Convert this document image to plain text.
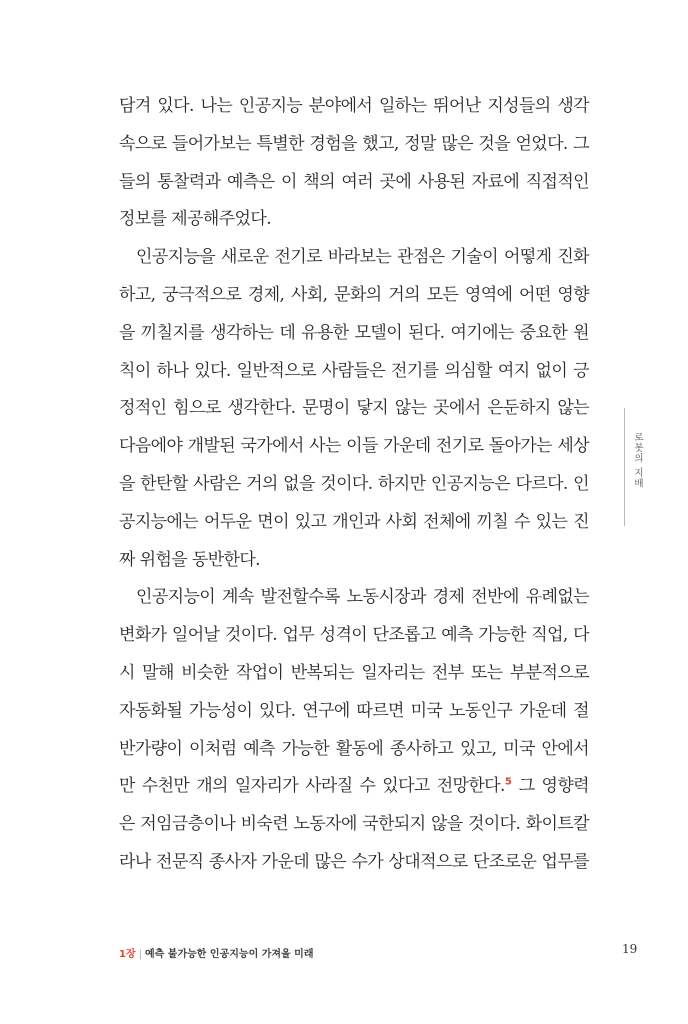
담겨 있다. 나는 인공지능 분야에서 일하는 뛰어난 지성들의 생각
속으로 들어가보는 특별한 경험을 했고, 정말 많은 것을 얻었다. 그
들의 통찰력과 예측은 이 책의 여러 곳에 사용된 자료에 직접적인
정보를 제공해주었다.
인공지능을 새로운 전기로 바라보는 관점은 기술이 어떻게 진화
하고, 궁극적으로 경제, 사회, 문화의 거의 모든 영역에 어떤 영향
을 끼칠지를 생각하는 데 유용한 모델이 된다. 여기에는 중요한 원
칙이 하나 있다. 일반적으로 사람들은 전기를 의심할 여지 없이 긍
정적인 힘으로 생각한다. 문명이 닿지 않는 곳에서 은둔하지 않는
다음에야 개발된 국가에서 사는 이들 가운데 전기로 돌아가는 세상
을 한탄할 사람은 거의 없을 것이다. 하지만 인공지능은 다르다. 인
공지능에는 어두운 면이 있고 개인과 사회 전체에 끼칠 수 있는 진
짜 위험을 동반한다.
인공지능이 계속 발전할수록 노동시장과 경제 전반에 유례없는
변화가 일어날 것이다. 업무 성격이 단조롭고 예측 가능한 직업, 다
시 말해 비슷한 작업이 반복되는 일자리는 전부 또는 부분적으로
자동화될 가능성이 있다. 연구에 따르면 미국 노동인구 가운데 절
반가량이 이처럼 예측 가능한 활동에 종사하고 있고, 미국 안에서
만 수천만 개의 일자리가 사라질 수 있다고 전망한다.$^5$ 그 영향력
은 저임금층이나 비숙련 노동자에 국한되지 않을 것이다. 화이트칼
라나 전문직 종사자 가운데 많은 수가 상대적으로 단조로운 업무를
로봇의 지배
1장 | 예측 불가능한 인공지능이 가져올 미래	19
